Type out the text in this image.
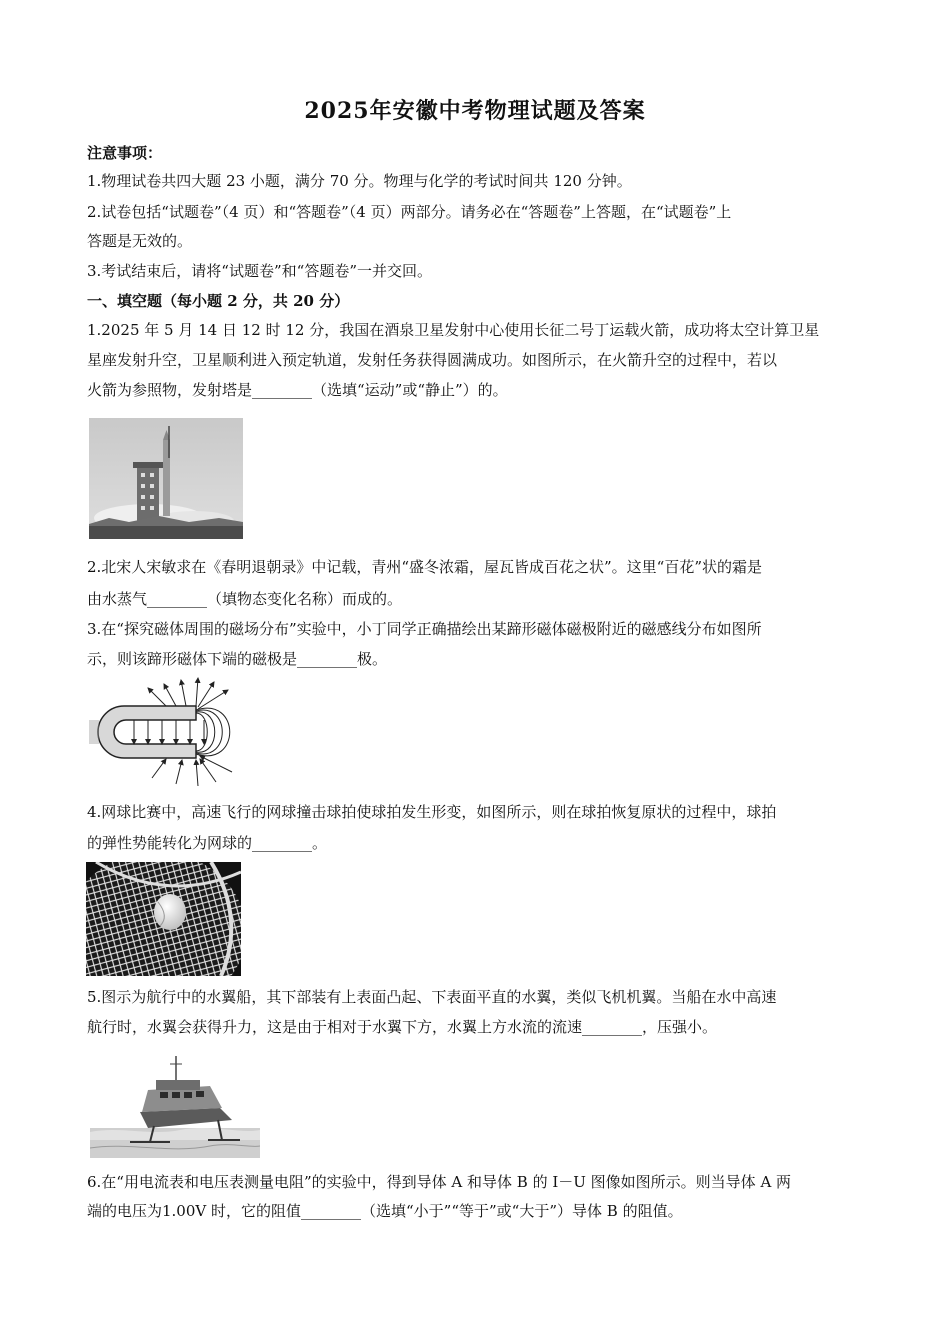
2025年安徽中考物理试题及答案
注意事项：
1.物理试卷共四大题 23 小题，满分 70 分。物理与化学的考试时间共 120 分钟。
2.试卷包括“试题卷”（4 页）和“答题卷”（4 页）两部分。请务必在“答题卷”上答题，在“试题卷”上
答题是无效的。
3.考试结束后，请将“试题卷”和“答题卷”一并交回。
一、填空题（每小题 2 分，共 20 分）
1.2025 年 5 月 14 日 12 时 12 分，我国在酒泉卫星发射中心使用长征二号丁运载火箭，成功将太空计算卫星
星座发射升空，卫星顺利进入预定轨道，发射任务获得圆满成功。如图所示，在火箭升空的过程中，若以
火箭为参照物，发射塔是________（选填“运动”或“静止”）的。
2.北宋人宋敏求在《春明退朝录》中记载，青州“盛冬浓霜，屋瓦皆成百花之状”。这里“百花”状的霜是
由水蒸气________（填物态变化名称）而成的。
3.在“探究磁体周围的磁场分布”实验中，小丁同学正确描绘出某蹄形磁体磁极附近的磁感线分布如图所
示，则该蹄形磁体下端的磁极是________极。
4.网球比赛中，高速飞行的网球撞击球拍使球拍发生形变，如图所示，则在球拍恢复原状的过程中，球拍
的弹性势能转化为网球的________。
5.图示为航行中的水翼船，其下部装有上表面凸起、下表面平直的水翼，类似飞机机翼。当船在水中高速
航行时，水翼会获得升力，这是由于相对于水翼下方，水翼上方水流的流速________，压强小。
6.在“用电流表和电压表测量电阻”的实验中，得到导体 A 和导体 B 的 I－U 图像如图所示。则当导体 A 两
端的电压为1.00V 时，它的阻值________（选填“小于”“等于”或“大于”）导体 B 的阻值。
